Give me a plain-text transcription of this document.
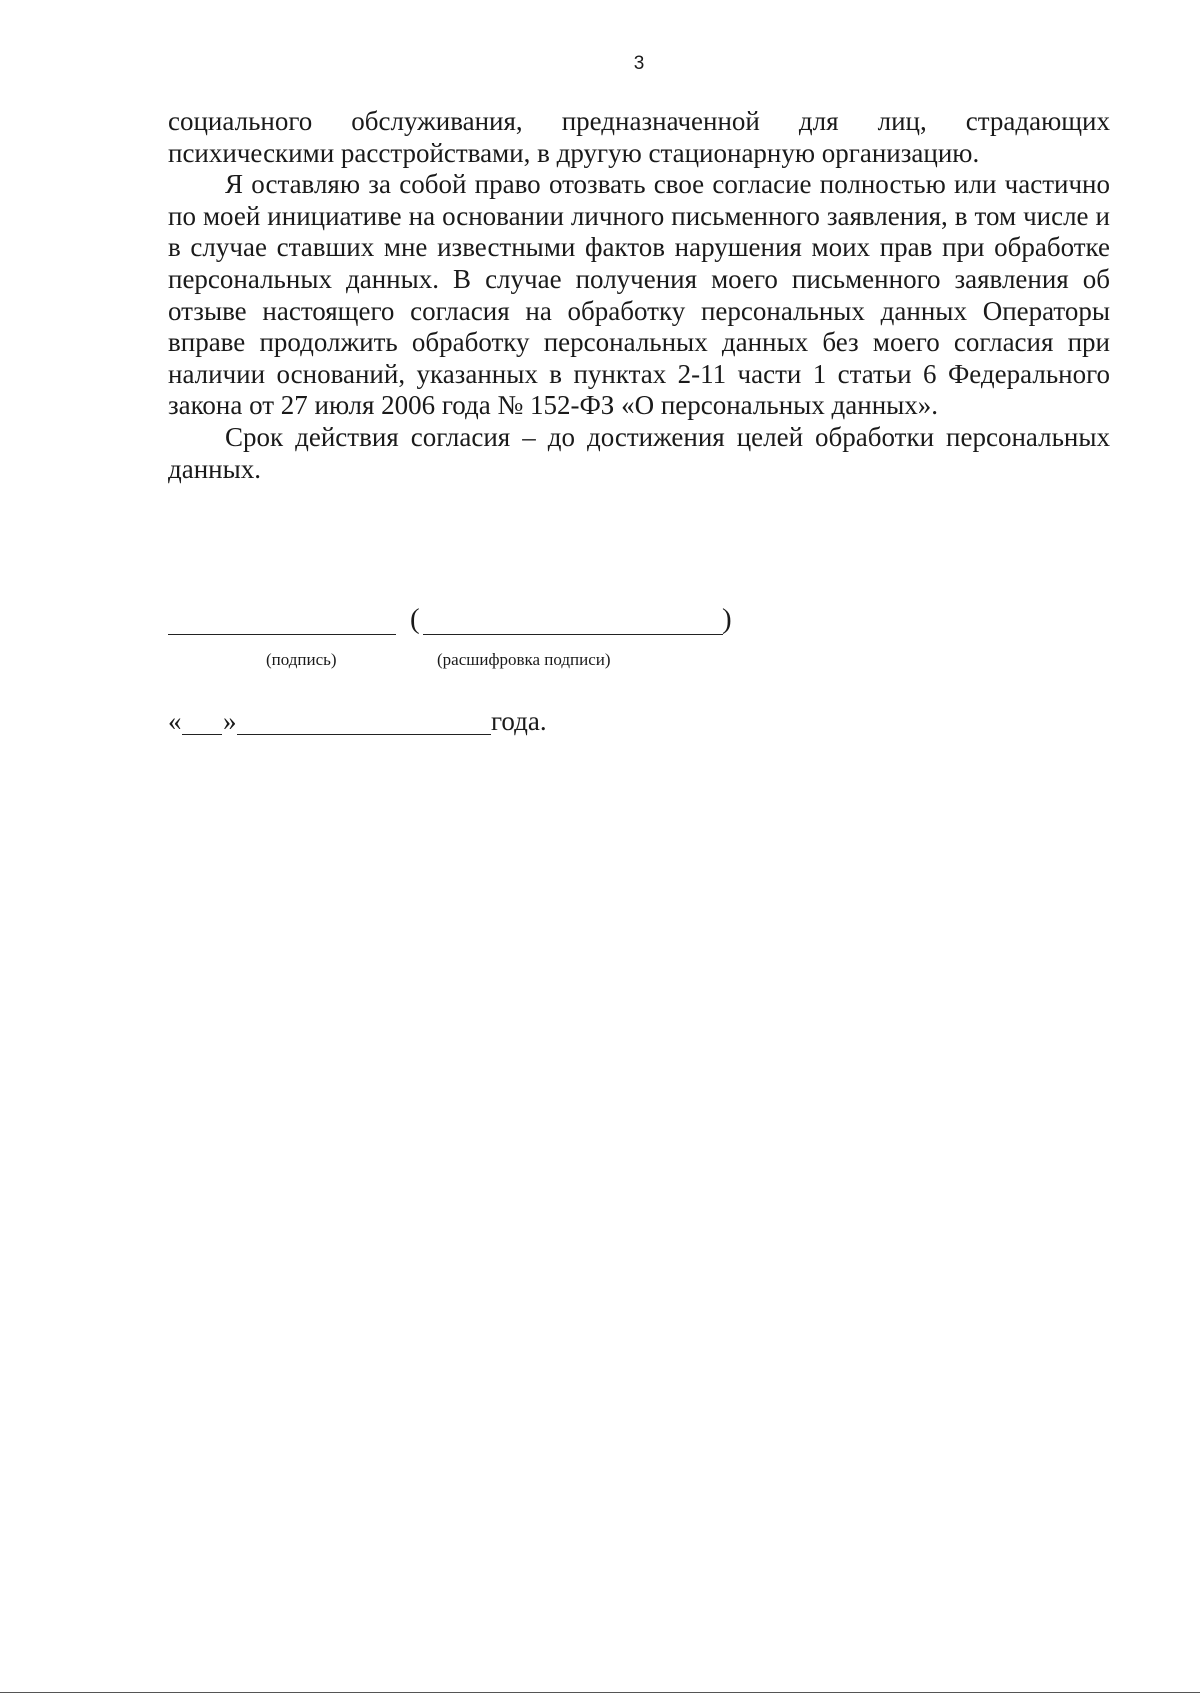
3

социального обслуживания, предназначенной для лиц, страдающих психическими расстройствами, в другую стационарную организацию.

Я оставляю за собой право отозвать свое согласие полностью или частично по моей инициативе на основании личного письменного заявления, в том числе и в случае ставших мне известными фактов нарушения моих прав при обработке персональных данных. В случае получения моего письменного заявления об отзыве настоящего согласия на обработку персональных данных Операторы вправе продолжить обработку персональных данных без моего согласия при наличии оснований, указанных в пунктах 2-11 части 1 статьи 6 Федерального закона от 27 июля 2006 года № 152-ФЗ «О персональных данных».

Срок действия согласия – до достижения целей обработки персональных данных.

(	)
(подпись)	(расшифровка подписи)
« »	года.
